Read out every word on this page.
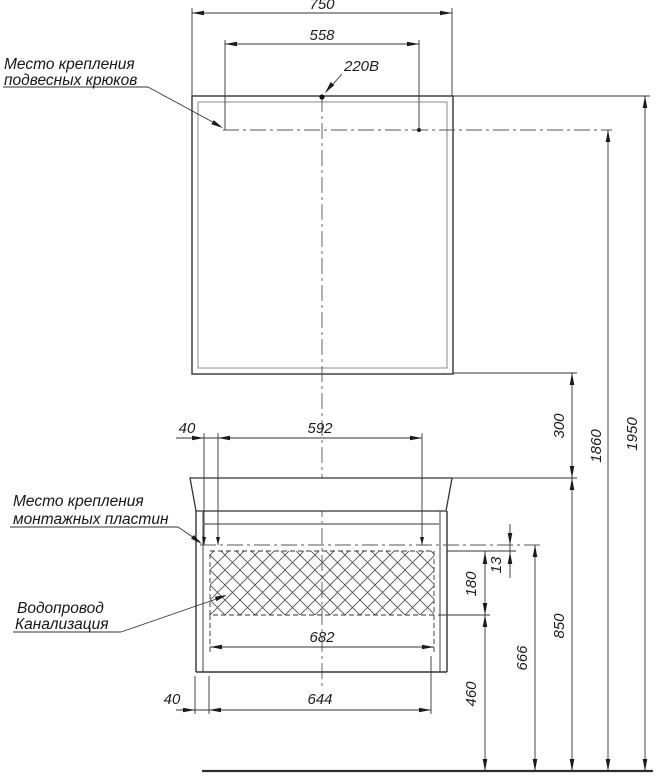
Место крепления
подвесных крюков
Место крепления
монтажных пластин
Водопровод
Канализация
220В
750
558
40	592
682
40	644
300
1860 1950
13
180
666
850
460
